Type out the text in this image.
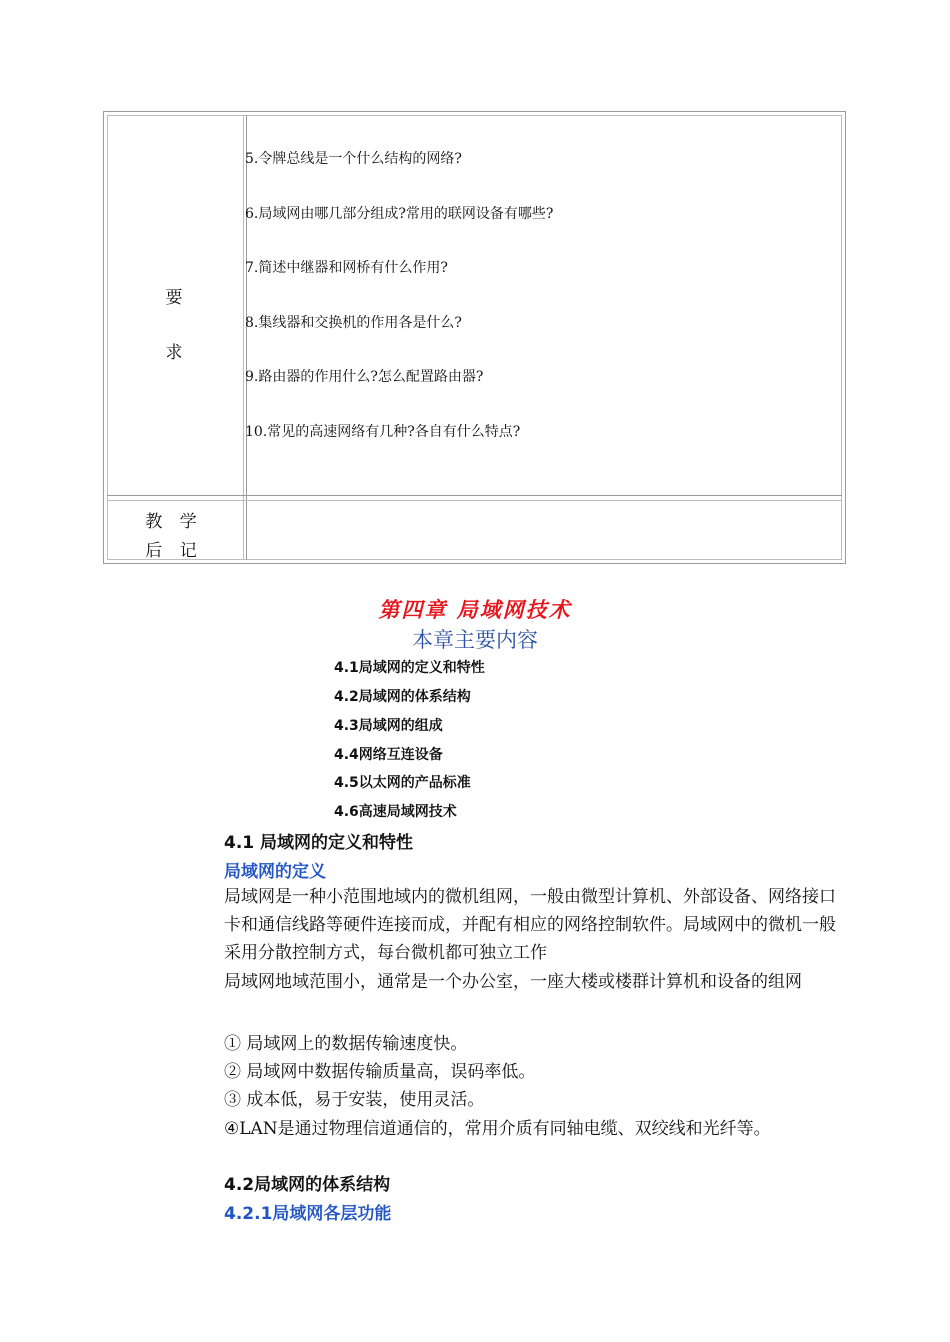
要
求
5.令牌总线是一个什么结构的网络?
6.局域网由哪几部分组成?常用的联网设备有哪些?
7.简述中继器和网桥有什么作用?
8.集线器和交换机的作用各是什么?
9.路由器的作用什么?怎么配置路由器?
10.常见的高速网络有几种?各自有什么特点?
教 学
后 记
第四章 局域网技术
本章主要内容
4.1局域网的定义和特性
4.2局域网的体系结构
4.3局域网的组成
4.4网络互连设备
4.5以太网的产品标准
4.6高速局域网技术
4.1 局域网的定义和特性
局域网的定义
局域网是一种小范围地域内的微机组网，一般由微型计算机、外部设备、网络接口卡和通信线路等硬件连接而成，并配有相应的网络控制软件。局域网中的微机一般采用分散控制方式，每台微机都可独立工作
局域网地域范围小，通常是一个办公室，一座大楼或楼群计算机和设备的组网
① 局域网上的数据传输速度快。
② 局域网中数据传输质量高，误码率低。
③ 成本低，易于安装，使用灵活。
④LAN是通过物理信道通信的，常用介质有同轴电缆、双绞线和光纤等。
4.2局域网的体系结构
4.2.1局域网各层功能
